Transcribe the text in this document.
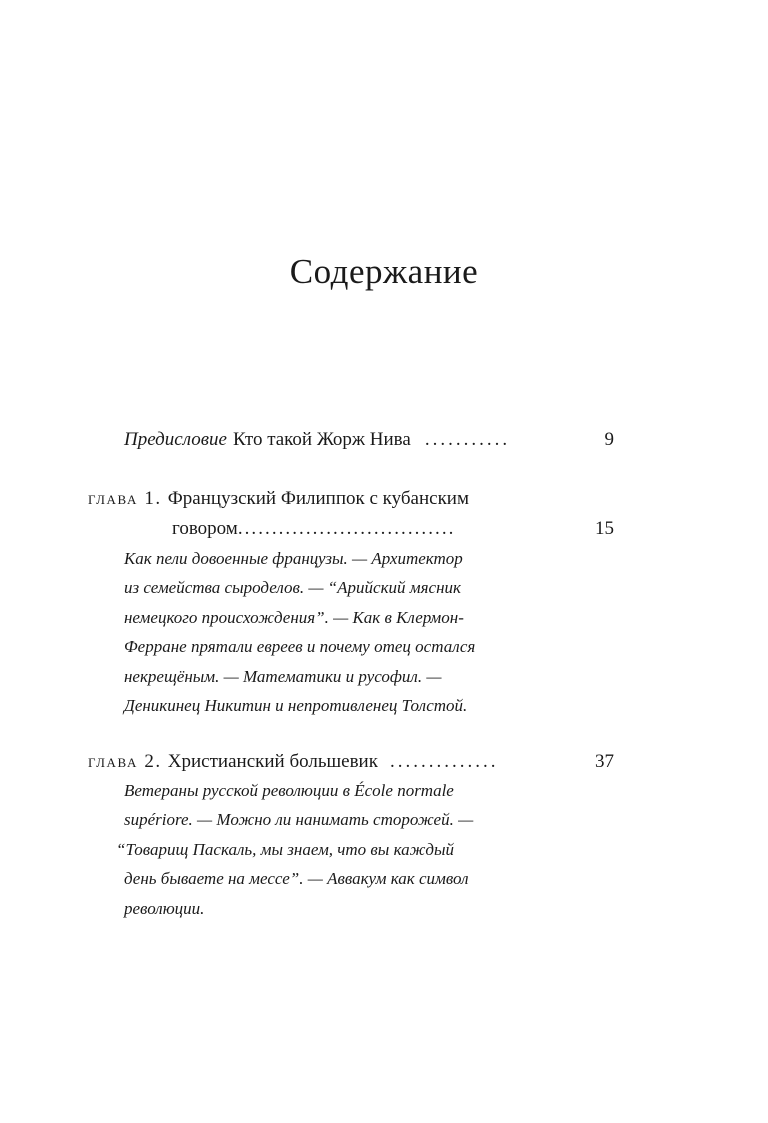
Содержание
Предисловие Кто такой Жорж Нива ...........	9
глава 1. Французский Филиппок с кубанским
говором ................................	15
Как пели довоенные французы. — Архитектор
из семейства сыроделов. — “Арийский мясник
немецкого происхождения”. — Как в Клермон-
Ферране прятали евреев и почему отец остался
некрещёным. — Математики и русофил. —
Деникинец Никитин и непротивленец Толстой.
глава 2. Христианский большевик ..............	37
Ветераны русской революции в École normale
supériore. — Можно ли нанимать сторожей. —
“Товарищ Паскаль, мы знаем, что вы каждый
день бываете на мессе”. — Аввакум как символ
революции.
